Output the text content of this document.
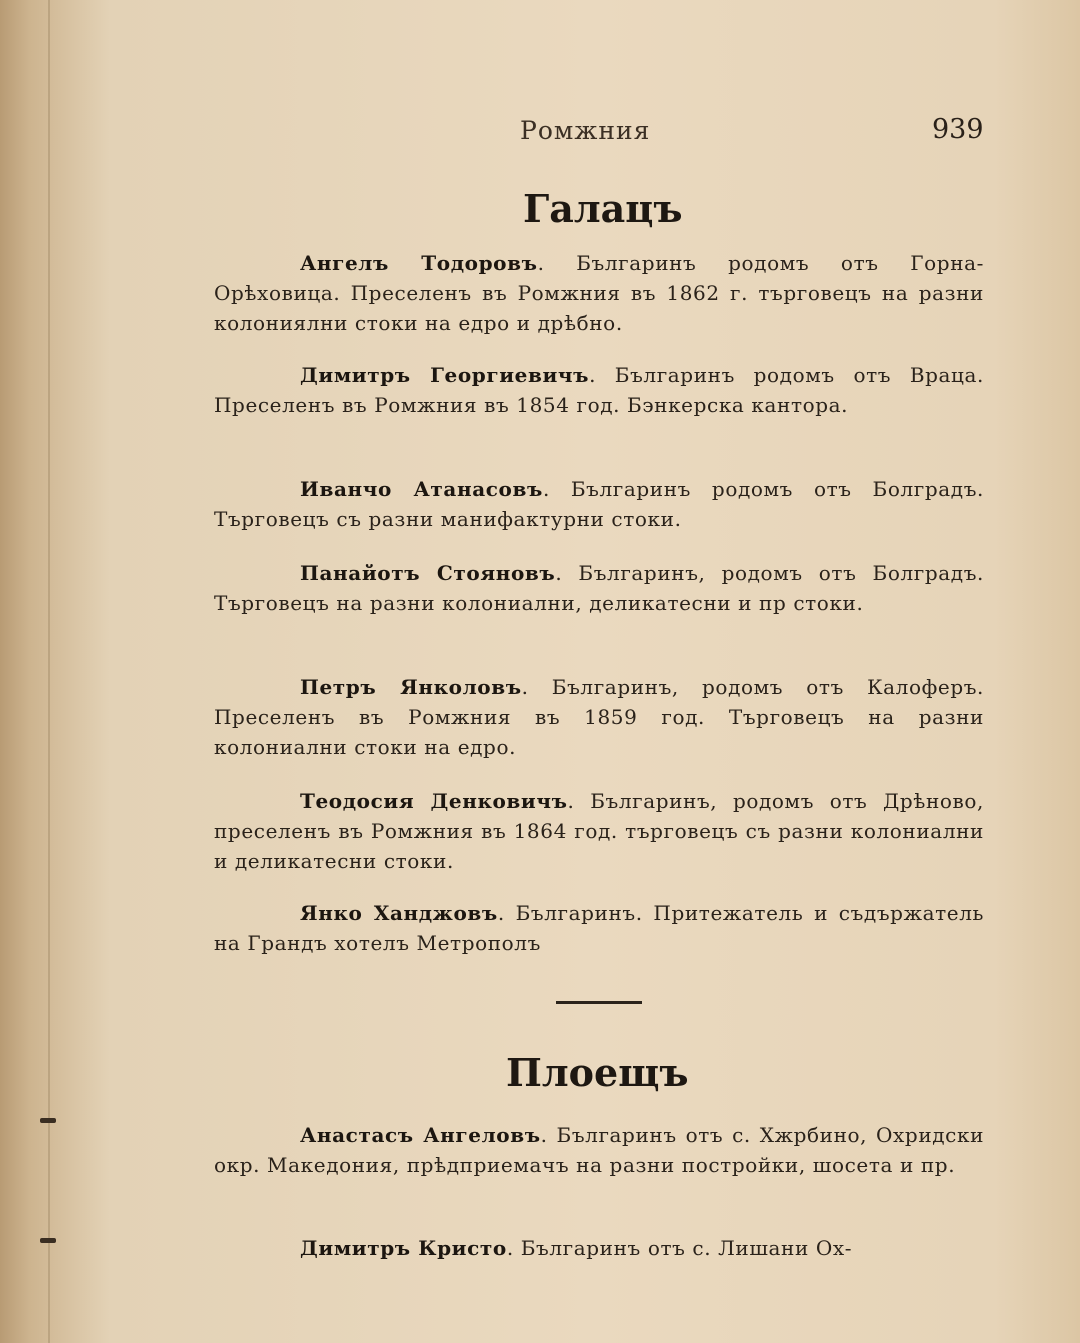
Ромжния	939
Галацъ
Ангелъ Тодоровъ. Българинъ родомъ отъ Горна-Орѣховица. Преселенъ въ Ромжния въ 1862 г. търговецъ на разни колониялни стоки на едро и дрѣбно.
Димитръ Георгиевичъ. Българинъ родомъ отъ Враца. Преселенъ въ Ромжния въ 1854 год. Бэнкерска кантора.
Иванчо Атанасовъ. Българинъ родомъ отъ Болградъ. Търговецъ съ разни манифактурни стоки.
Панайотъ Стояновъ. Българинъ, родомъ отъ Болградъ. Търговецъ на разни колониални, деликатесни и пр стоки.
Петръ Янколовъ. Българинъ, родомъ отъ Калоферъ. Преселенъ въ Ромжния въ 1859 год. Търговецъ на разни колониални стоки на едро.
Теодосия Денковичъ. Българинъ, родомъ отъ Дрѣново, преселенъ въ Ромжния въ 1864 год. търговецъ съ разни колониални и деликатесни стоки.
Янко Ханджовъ. Българинъ. Притежатель и съдържатель на Грандъ хотелъ Метрополъ
Плоещъ
Анастасъ Ангеловъ. Българинъ отъ с. Хжрбино, Охридски окр. Македония, прѣдприемачъ на разни постройки, шосета и пр.
Димитръ Кристо. Българинъ отъ с. Лишани Ох-
